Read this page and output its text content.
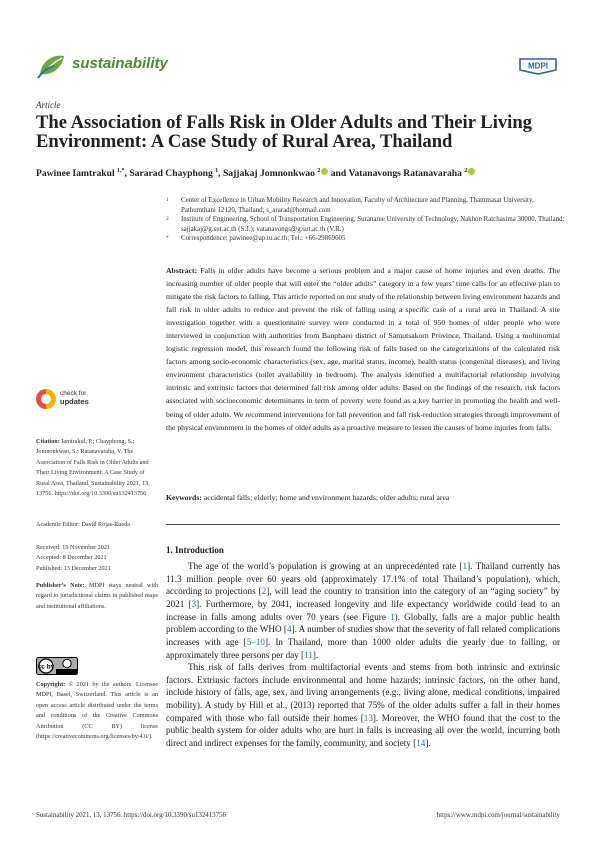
sustainability	MDPI
Article
The Association of Falls Risk in Older Adults and Their Living Environment: A Case Study of Rural Area, Thailand
Pawinee Iamtrakul $^{1,*}$, Sararad Chayphong $^1$, Sajjakaj Jomnonkwao $^2$ and Vatanavongs Ratanavaraha $^2$
1 Center of Excellence in Urban Mobility Research and Innovation, Faculty of Architecture and Planning, Thammasat University, Pathumthani 12120, Thailand; s_ararad@hotmail.com
2 Institute of Engineering, School of Transportation Engineering, Suranaree University of Technology, Nakhon Ratchasima 30000, Thailand; sajjakaj@g.sut.ac.th (S.J.); vatanavongs@g.sut.ac.th (V.R.)
* Correspondence: pawinee@ap.tu.ac.th; Tel.: +66-29869605
Abstract: Falls in older adults have become a serious problem and a major cause of home injuries and even deaths. The increasing number of older people that will enter the “older adults” category in a few years’ time calls for an effective plan to mitigate the risk factors to falling. This article reported on our study of the relationship between living environment hazards and fall risk in older adults to reduce and prevent the risk of falling using a specific case of a rural area in Thailand. A site investigation together with a questionnaire survey were conducted in a total of 950 homes of older people who were interviewed in conjunction with authorities from Banphaeo district of Samutsakorn Province, Thailand. Using a multinomial logistic regression model, this research found the following risk of falls based on the categorizations of the calculated risk factors among socio-economic characteristics (sex, age, marital status, income), health status (congenital diseases), and living environment characteristics (toilet availability in bedroom). The analysis identified a multifactorial relationship involving intrinsic and extrinsic factors that determined fall risk among older adults. Based on the findings of the research, risk factors associated with socioeconomic determinants in term of poverty were found as a key barrier in promoting the health and well-being of older adults. We recommend interventions for fall prevention and fall risk-reduction strategies through improvement of the physical environment in the homes of older adults as a proactive measure to lessen the causes of home injuries from falls.
Keywords: accidental falls; elderly; home and environment hazards; older adults; rural area
check for
updates
Citation: Iamtrakul, P.; Chayphong, S.; Jomnonkwao, S.; Ratanavaraha, V. The Association of Falls Risk in Older Adults and Their Living Environment: A Case Study of Rural Area, Thailand. Sustainability 2021, 13, 13756. https://doi.org/10.3390/su132413756
Academic Editor: David Rojas-Rueda
Received: 19 November 2021
Accepted: 8 December 2021
Published: 13 December 2021
Publisher’s Note: MDPI stays neutral with regard to jurisdictional claims in published maps and institutional affiliations.
cc by
Copyright: © 2021 by the authors. Licensee MDPI, Basel, Switzerland. This article is an open access article distributed under the terms and conditions of the Creative Commons Attribution (CC BY) license (https://creativecommons.org/licenses/by/4.0/).
1. Introduction
The age of the world’s population is growing at an unprecedented rate [1]. Thailand currently has 11.3 million people over 60 years old (approximately 17.1% of total Thailand’s population), which, according to projections [2], will lead the country to transition into the category of an “aging society” by 2021 [3]. Furthermore, by 2041, increased longevity and life expectancy worldwide could lead to an increase in falls among adults over 70 years (see Figure 1). Globally, falls are a major public health problem according to the WHO [4]. A number of studies show that the severity of fall related complications increases with age [5–10]. In Thailand, more than 1000 older adults die yearly due to falling, or approximately three persons per day [11].
This risk of falls derives from multifactorial events and stems from both intrinsic and extrinsic factors. Extrinsic factors include environmental and home hazards; intrinsic factors, on the other hand, include history of falls, age, sex, and living arrangements (e.g., living alone, medical conditions, impaired mobility). A study by Hill et al., (2013) reported that 75% of the older adults suffer a fall in their homes compared with those who fall outside their homes [13]. Moreover, the WHO found that the cost to the public health system for older adults who are hurt in falls is increasing all over the world, incurring both direct and indirect expenses for the family, community, and society [14].
Sustainability 2021, 13, 13756. https://doi.org/10.3390/su132413756	https://www.mdpi.com/journal/sustainability
